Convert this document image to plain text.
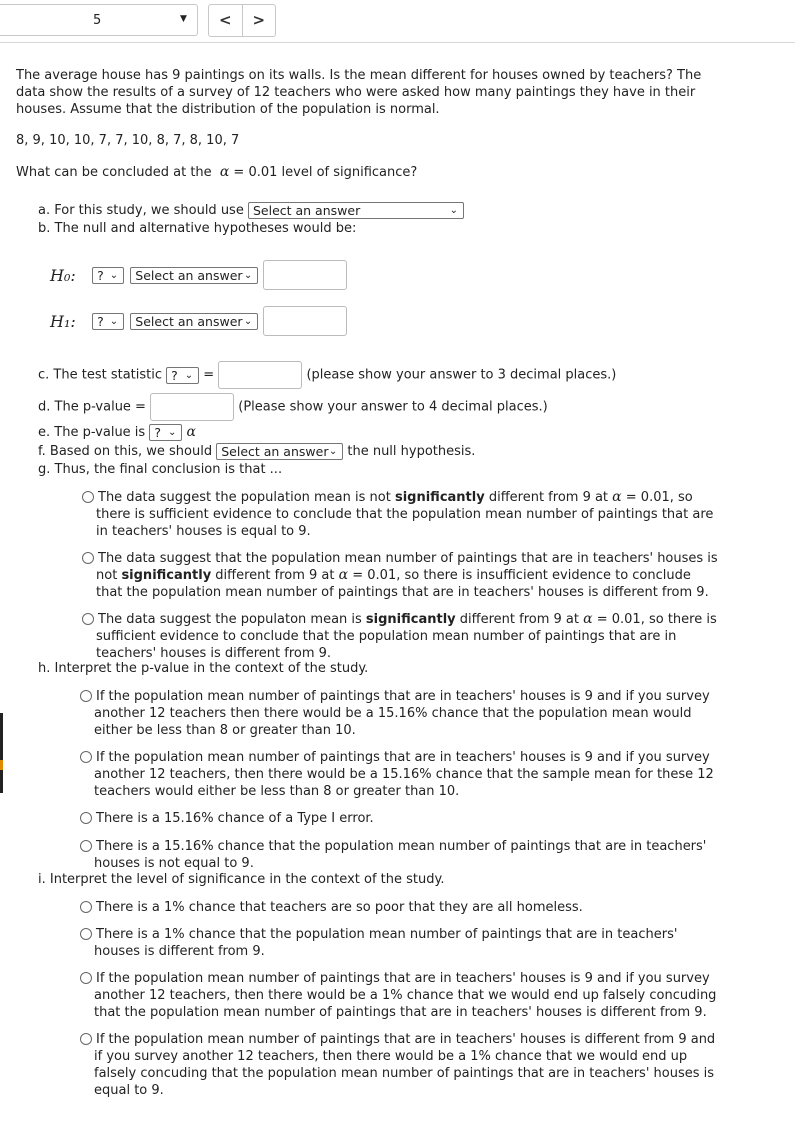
5	▼	<	>
The average house has 9 paintings on its walls. Is the mean different for houses owned by teachers? The data show the results of a survey of 12 teachers who were asked how many paintings they have in their houses. Assume that the distribution of the population is normal.
8, 9, 10, 10, 7, 7, 10, 8, 7, 8, 10, 7
What can be concluded at the α = 0.01 level of significance?
a. For this study, we should use Select an answer	⌄
b. The null and alternative hypotheses would be:
H₀: ? ⌄ Select an answer ⌄

H₁: ? ⌄ Select an answer ⌄

c. The test statistic ? ⌄ =	(please show your answer to 3 decimal places.)
d. The p-value =	(Please show your answer to 4 decimal places.)
e. The p-value is ? ⌄ α
f. Based on this, we should Select an answer ⌄ the null hypothesis.
g. Thus, the final conclusion is that ...
The data suggest the population mean is not significantly different from 9 at α = 0.01, so
there is sufficient evidence to conclude that the population mean number of paintings that are
in teachers' houses is equal to 9.
The data suggest that the population mean number of paintings that are in teachers' houses is
not significantly different from 9 at α = 0.01, so there is insufficient evidence to conclude
that the population mean number of paintings that are in teachers' houses is different from 9.
The data suggest the populaton mean is significantly different from 9 at α = 0.01, so there is
sufficient evidence to conclude that the population mean number of paintings that are in
teachers' houses is different from 9.
h. Interpret the p-value in the context of the study.
If the population mean number of paintings that are in teachers' houses is 9 and if you survey
another 12 teachers then there would be a 15.16% chance that the population mean would
either be less than 8 or greater than 10.
If the population mean number of paintings that are in teachers' houses is 9 and if you survey
another 12 teachers, then there would be a 15.16% chance that the sample mean for these 12
teachers would either be less than 8 or greater than 10.
There is a 15.16% chance of a Type I error.
There is a 15.16% chance that the population mean number of paintings that are in teachers'
houses is not equal to 9.
i. Interpret the level of significance in the context of the study.
There is a 1% chance that teachers are so poor that they are all homeless.
There is a 1% chance that the population mean number of paintings that are in teachers'
houses is different from 9.
If the population mean number of paintings that are in teachers' houses is 9 and if you survey
another 12 teachers, then there would be a 1% chance that we would end up falsely concuding
that the population mean number of paintings that are in teachers' houses is different from 9.
If the population mean number of paintings that are in teachers' houses is different from 9 and
if you survey another 12 teachers, then there would be a 1% chance that we would end up
falsely concuding that the population mean number of paintings that are in teachers' houses is
equal to 9.
